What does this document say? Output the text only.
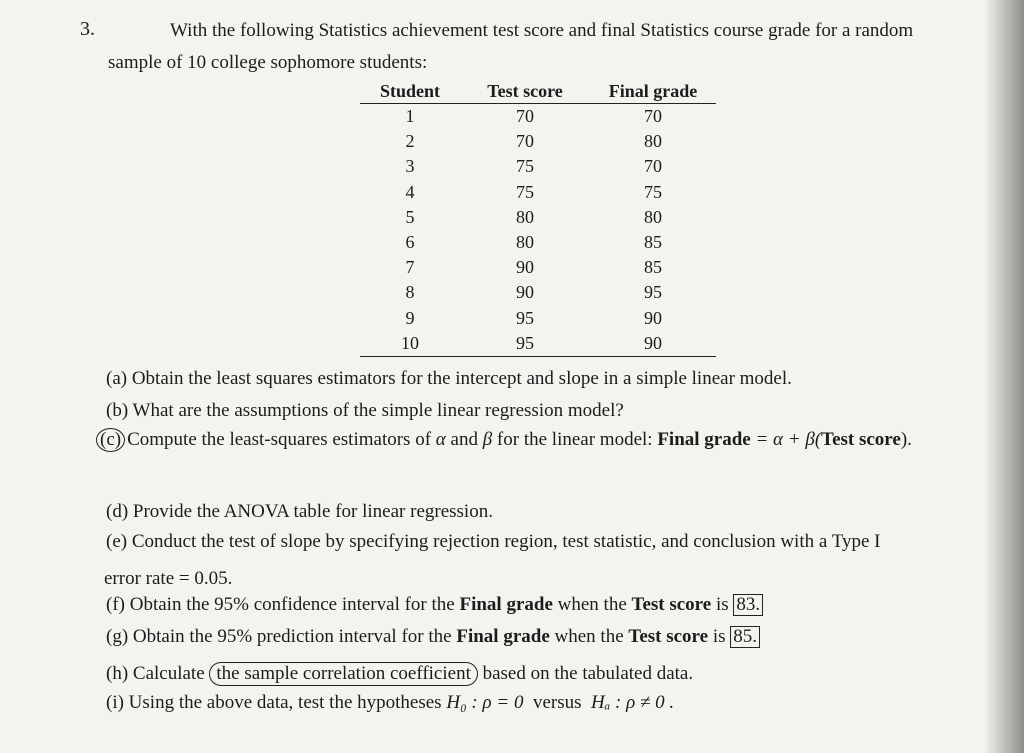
3.	With the following Statistics achievement test score and final Statistics course grade for a random
sample of 10 college sophomore students:
Student	Test score	Final grade
1	70	70
2	70	80
3	75	70
4	75	75
5	80	80
6	80	85
7	90	85
8	90	95
9	95	90
10	95	90
(a) Obtain the least squares estimators for the intercept and slope in a simple linear model.
(b) What are the assumptions of the simple linear regression model?
(c) Compute the least-squares estimators of α and β for the linear model: Final grade = α + β(Test score).
(d) Provide the ANOVA table for linear regression.
(e) Conduct the test of slope by specifying rejection region, test statistic, and conclusion with a Type I
error rate = 0.05.
(f) Obtain the 95% confidence interval for the Final grade when the Test score is 83.
(g) Obtain the 95% prediction interval for the Final grade when the Test score is 85.
(h) Calculate the sample correlation coefficient based on the tabulated data.
(i) Using the above data, test the hypotheses H₀ : ρ = 0  versus  Hₐ : ρ ≠ 0 .
